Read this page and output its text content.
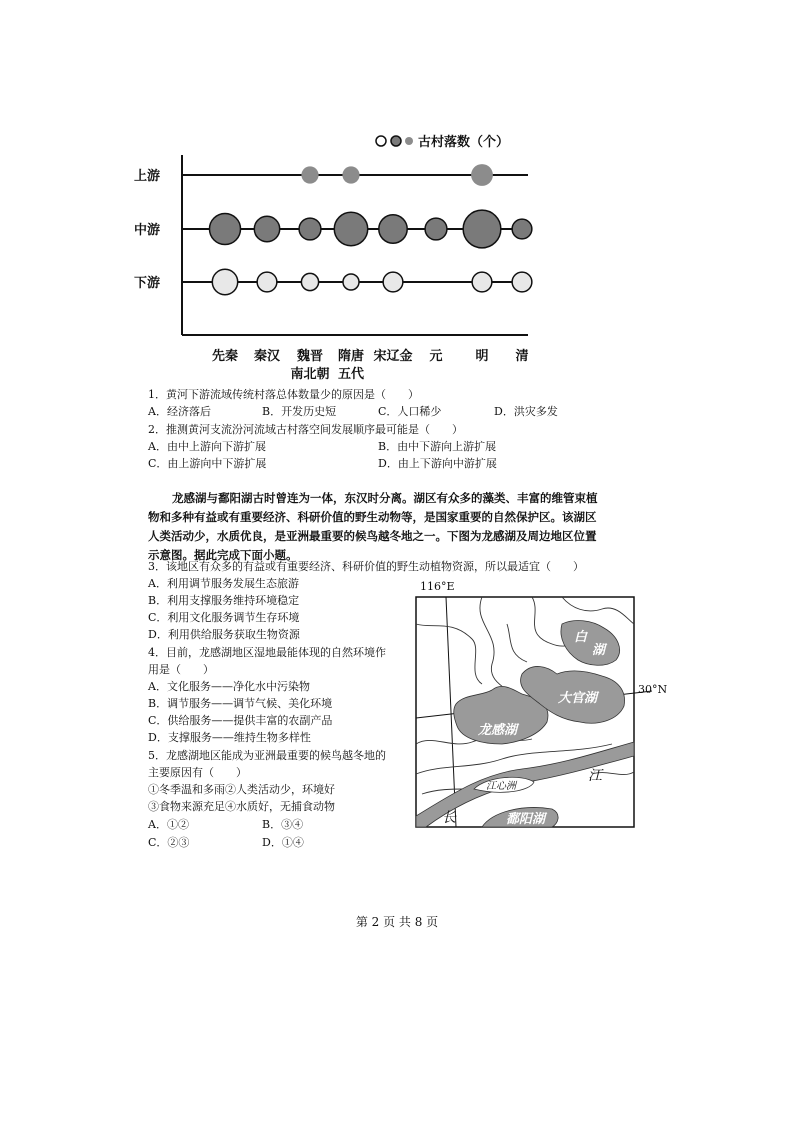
古村落数（个）
上游
中游
下游
先秦 秦汉 魏晋 隋唐 宋辽金 元	明 清
南北朝 五代
1．黄河下游流域传统村落总体数量少的原因是（　　）
A．经济落后	B．开发历史短	C．人口稀少	D．洪灾多发
2．推测黄河支流汾河流域古村落空间发展顺序最可能是（　　）
A．由中上游向下游扩展	B．由中下游向上游扩展
C．由上游向中下游扩展	D．由上下游向中游扩展
龙感湖与鄱阳湖古时曾连为一体，东汉时分离。湖区有众多的藻类、丰富的维管束植
物和多种有益或有重要经济、科研价值的野生动物等，是国家重要的自然保护区。该湖区
人类活动少，水质优良，是亚洲最重要的候鸟越冬地之一。下图为龙感湖及周边地区位置
示意图。据此完成下面小题。
3．该地区有众多的有益或有重要经济、科研价值的野生动植物资源，所以最适宜（　　）
A．利用调节服务发展生态旅游
B．利用支撑服务维持环境稳定
C．利用文化服务调节生存环境
D．利用供给服务获取生物资源
4．目前，龙感湖地区湿地最能体现的自然环境作
用是（　　）
A．文化服务——净化水中污染物
B．调节服务——调节气候、美化环境
C．供给服务——提供丰富的农副产品
D．支撑服务——维持生物多样性
5．龙感湖地区能成为亚洲最重要的候鸟越冬地的
主要原因有（　　）
①冬季温和多雨②人类活动少，环境好
③食物来源充足④水质好，无捕食动物
A．①②	B．③④
C．②③	D．①④
116°E
白
湖
大官湖
龙感湖
鄱阳湖
江心洲
江
长
30°N
第 2 页 共 8 页
